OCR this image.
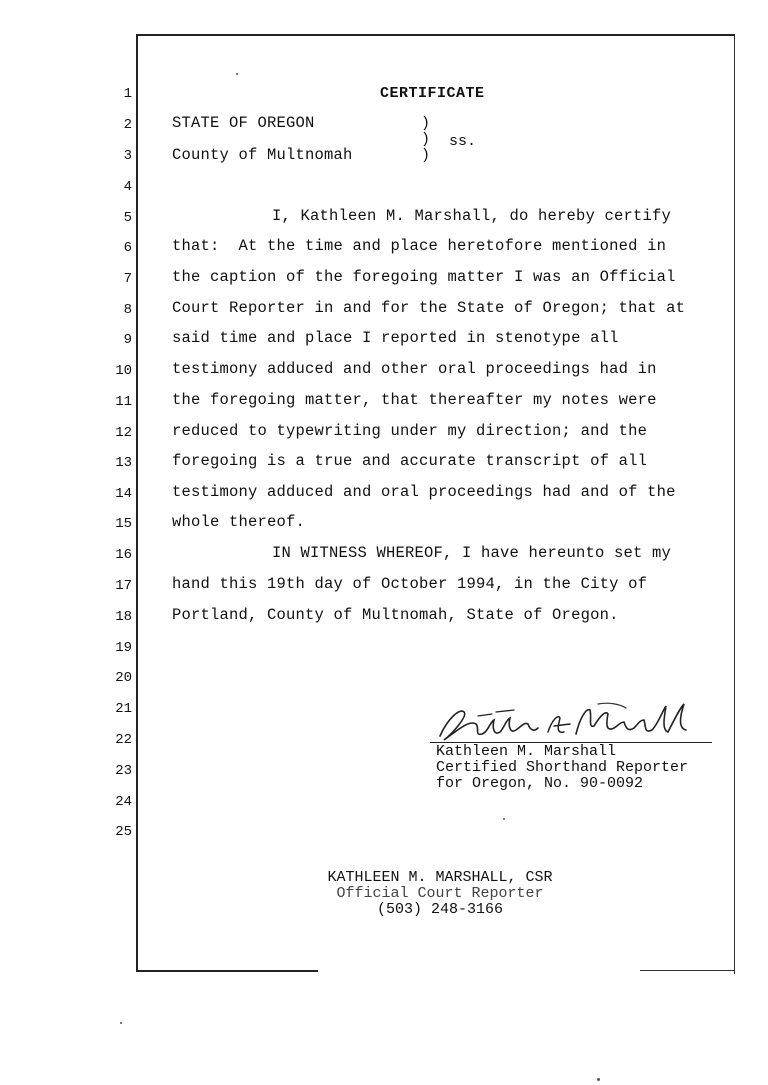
1
2
3
4
5
6
7
8
9
10
11
12
13
14
15
16
17
18
19
20
21
22
23
24
25
CERTIFICATE
STATE OF OREGON
County of Multnomah
)
)
)
ss.
I, Kathleen M. Marshall, do hereby certify
that:  At the time and place heretofore mentioned in
the caption of the foregoing matter I was an Official
Court Reporter in and for the State of Oregon; that at
said time and place I reported in stenotype all
testimony adduced and other oral proceedings had in
the foregoing matter, that thereafter my notes were
reduced to typewriting under my direction; and the
foregoing is a true and accurate transcript of all
testimony adduced and oral proceedings had and of the
whole thereof.
IN WITNESS WHEREOF, I have hereunto set my
hand this 19th day of October 1994, in the City of
Portland, County of Multnomah, State of Oregon.
Kathleen M. Marshall
Certified Shorthand Reporter
for Oregon, No. 90-0092
KATHLEEN M. MARSHALL, CSR
Official Court Reporter
(503) 248-3166
